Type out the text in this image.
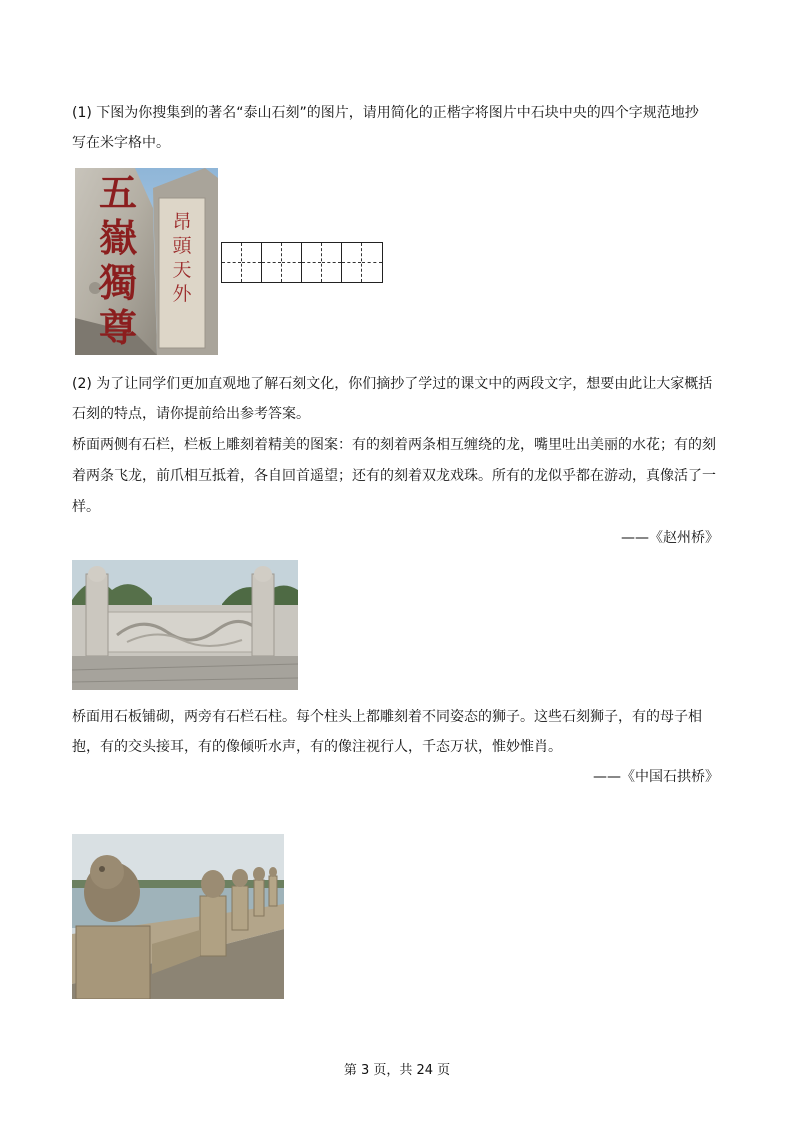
(1) 下图为你搜集到的著名“泰山石刻”的图片，请用简化的正楷字将图片中石块中央的四个字规范地抄
写在米字格中。
五
嶽
獨
尊
昂
頭
天
外
(2) 为了让同学们更加直观地了解石刻文化，你们摘抄了学过的课文中的两段文字，想要由此让大家概括
石刻的特点，请你提前给出参考答案。
桥面两侧有石栏，栏板上雕刻着精美的图案：有的刻着两条相互缠绕的龙，嘴里吐出美丽的水花；有的刻
着两条飞龙，前爪相互抵着，各自回首遥望；还有的刻着双龙戏珠。所有的龙似乎都在游动，真像活了一
样。
——《赵州桥》
桥面用石板铺砌，两旁有石栏石柱。每个柱头上都雕刻着不同姿态的狮子。这些石刻狮子，有的母子相
抱，有的交头接耳，有的像倾听水声，有的像注视行人，千态万状，惟妙惟肖。
——《中国石拱桥》
第 3 页，共 24 页
